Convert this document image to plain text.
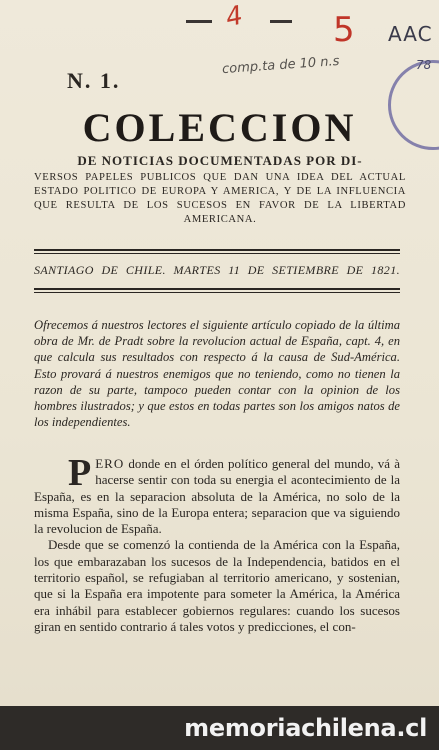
4	5 AAC
comp.ta de 10 n.s	78
N. 1.
COLECCION
DE NOTICIAS DOCUMENTADAS POR DI-
VERSOS PAPELES PUBLICOS QUE DAN UNA IDEA DEL ACTUAL ESTADO POLITICO DE EUROPA Y AMERICA, Y DE LA INFLUENCIA QUE RESULTA DE LOS SUCESOS EN FAVOR DE LA LIBERTAD AMERICANA.
SANTIAGO DE CHILE. MARTES 11 DE SETIEMBRE DE 1821.
Ofrecemos á nuestros lectores el siguiente artículo copiado de la última obra de Mr. de Pradt sobre la revolucion actual de España, capt. 4, en que calcula sus resultados con respecto á la causa de Sud-América. Esto provará á nuestros enemigos que no teniendo, como no tienen la razon de su parte, tampoco pueden contar con la opinion de los hombres ilustrados; y que estos en todas partes son los amigos natos de los independientes.

PERO donde en el órden político general del mundo, vá à hacerse sentir con toda su energia el acontecimiento de la España, es en la separacion absoluta de la América, no solo de la misma España, sino de la Europa entera; separacion que va siguiendo la revolucion de España.

Desde que se comenzó la contienda de la América con la España, los que embarazaban los sucesos de la Independencia, batidos en el territorio español, se refugiaban al territorio americano, y sostenian, que si la España era impotente para someter la América, la América era inhábil para establecer gobiernos regulares: cuando los sucesos giran en sentido contrario á tales votos y predicciones, el con-

memoriachilena.cl
